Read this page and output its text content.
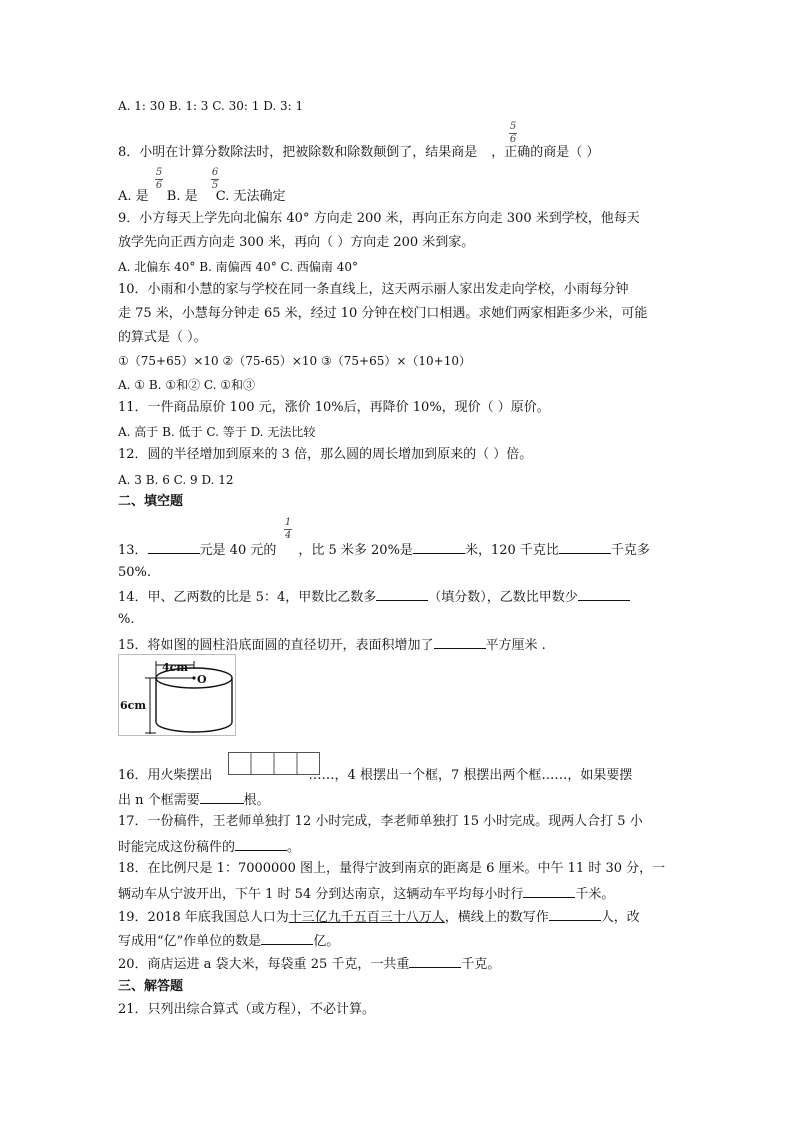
A. 1: 30 B. 1: 3 C. 30: 1 D. 3: 1
5
6
8．小明在计算分数除法时，把被除数和除数颠倒了，结果商是 ，正确的商是（ ）
5
6
6
5
A. 是 B. 是 C. 无法确定
9．小方每天上学先向北偏东 40° 方向走 200 米，再向正东方向走 300 米到学校，他每天
放学先向正西方向走 300 米，再向（ ）方向走 200 米到家。
A. 北偏东 40° B. 南偏西 40° C. 西偏南 40°
10．小雨和小慧的家与学校在同一条直线上，这天两示丽人家出发走向学校，小雨每分钟
走 75 米，小慧每分钟走 65 米，经过 10 分钟在校门口相遇。求她们两家相距多少米，可能
的算式是（ ）。
①（75+65）×10 ②（75-65）×10 ③（75+65）×（10+10）
A. ① B. ①和② C. ①和③
11．一件商品原价 100 元，涨价 10%后，再降价 10%，现价（ ）原价。
A. 高于 B. 低于 C. 等于 D. 无法比较
12．圆的半径增加到原来的 3 倍，那么圆的周长增加到原来的（ ）倍。
A. 3 B. 6 C. 9 D. 12
二、填空题
1
4
13．	元是 40 元的 ，比 5 米多 20%是	米，120 千克比	千克多
50%.
14．甲、乙两数的比是 5：4，甲数比乙数多	（填分数），乙数比甲数少
%.
15．将如图的圆柱沿底面圆的直径切开，表面积增加了	平方厘米 .
4cm
O
6cm
16．用火柴摆出	……，4 根摆出一个框，7 根摆出两个框……，如果要摆
出 n 个框需要	根。
17．一份稿件，王老师单独打 12 小时完成，李老师单独打 15 小时完成。现两人合打 5 小
时能完成这份稿件的	。
18．在比例尺是 1：7000000 图上，量得宁波到南京的距离是 6 厘米。中午 11 时 30 分，一
辆动车从宁波开出，下午 1 时 54 分到达南京，这辆动车平均每小时行	千米。
19．2018 年底我国总人口为十三亿九千五百三十八万人，横线上的数写作	人，改
写成用“亿”作单位的数是	亿。
20．商店运进 a 袋大米，每袋重 25 千克，一共重	千克。
三、解答题
21．只列出综合算式（或方程），不必计算。
